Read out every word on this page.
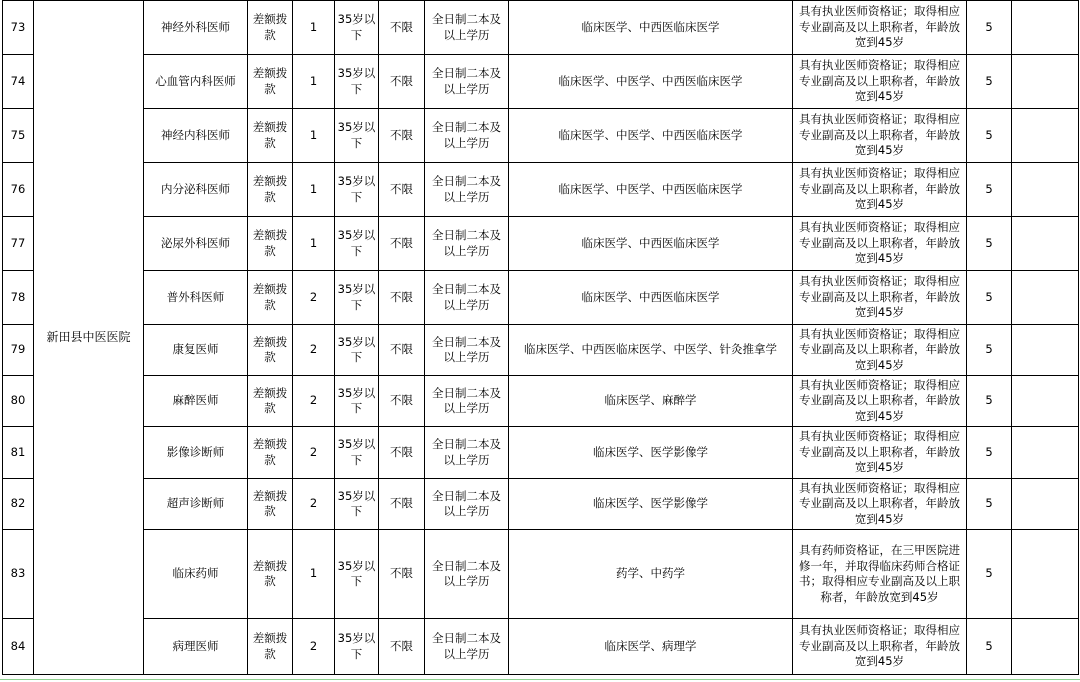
73	新田县中医医院	神经外科医师	差额拨款	1	35岁以下	不限	全日制二本及以上学历	临床医学、中西医临床医学	具有执业医师资格证；取得相应专业副高及以上职称者，年龄放宽到45岁	5	
74		心血管内科医师	差额拨款	1	35岁以下	不限	全日制二本及以上学历	临床医学、中医学、中西医临床医学	具有执业医师资格证；取得相应专业副高及以上职称者，年龄放宽到45岁	5	
75		神经内科医师	差额拨款	1	35岁以下	不限	全日制二本及以上学历	临床医学、中医学、中西医临床医学	具有执业医师资格证；取得相应专业副高及以上职称者，年龄放宽到45岁	5	
76		内分泌科医师	差额拨款	1	35岁以下	不限	全日制二本及以上学历	临床医学、中医学、中西医临床医学	具有执业医师资格证；取得相应专业副高及以上职称者，年龄放宽到45岁	5	
77		泌尿外科医师	差额拨款	1	35岁以下	不限	全日制二本及以上学历	临床医学、中西医临床医学	具有执业医师资格证；取得相应专业副高及以上职称者，年龄放宽到45岁	5	
78		普外科医师	差额拨款	2	35岁以下	不限	全日制二本及以上学历	临床医学、中西医临床医学	具有执业医师资格证；取得相应专业副高及以上职称者，年龄放宽到45岁	5	
79		康复医师	差额拨款	2	35岁以下	不限	全日制二本及以上学历	临床医学、中西医临床医学、中医学、针灸推拿学	具有执业医师资格证；取得相应专业副高及以上职称者，年龄放宽到45岁	5	
80		麻醉医师	差额拨款	2	35岁以下	不限	全日制二本及以上学历	临床医学、麻醉学	具有执业医师资格证；取得相应专业副高及以上职称者，年龄放宽到45岁	5	
81		影像诊断师	差额拨款	2	35岁以下	不限	全日制二本及以上学历	临床医学、医学影像学	具有执业医师资格证；取得相应专业副高及以上职称者，年龄放宽到45岁	5	
82		超声诊断师	差额拨款	2	35岁以下	不限	全日制二本及以上学历	临床医学、医学影像学	具有执业医师资格证；取得相应专业副高及以上职称者，年龄放宽到45岁	5	
83		临床药师	差额拨款	1	35岁以下	不限	全日制二本及以上学历	药学、中药学	具有药师资格证，在三甲医院进修一年，并取得临床药师合格证书；取得相应专业副高及以上职称者，年龄放宽到45岁	5	
84		病理医师	差额拨款	2	35岁以下	不限	全日制二本及以上学历	临床医学、病理学	具有执业医师资格证；取得相应专业副高及以上职称者，年龄放宽到45岁	5	
